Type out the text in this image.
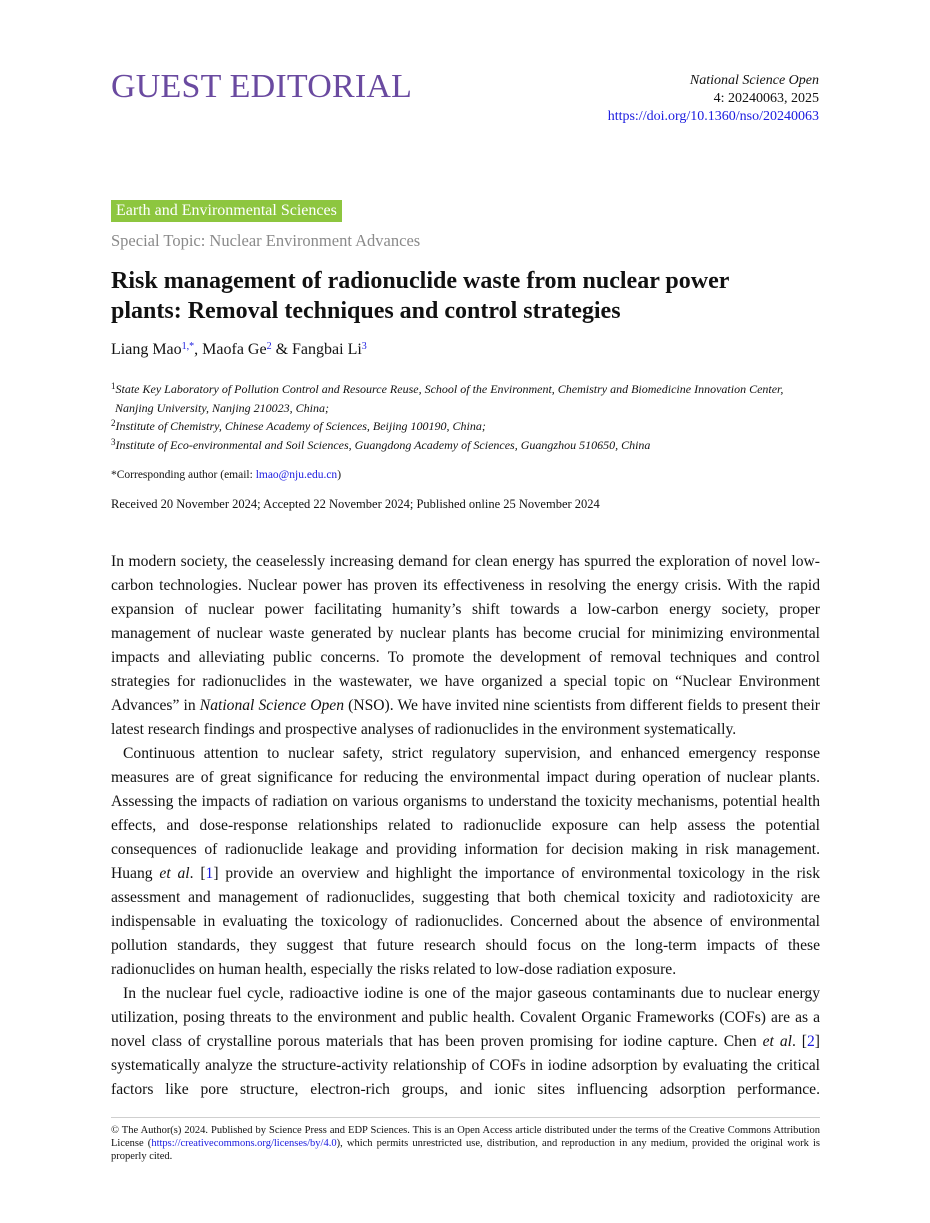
GUEST EDITORIAL	National Science Open
4: 20240063, 2025
https://doi.org/10.1360/nso/20240063
Earth and Environmental Sciences
Special Topic: Nuclear Environment Advances
Risk management of radionuclide waste from nuclear power
plants: Removal techniques and control strategies
Liang Mao$^{1,*}$, Maofa Ge$^2$ & Fangbai Li$^3$

$^1$State Key Laboratory of Pollution Control and Resource Reuse, School of the Environment, Chemistry and Biomedicine Innovation Center,

Nanjing University, Nanjing 210023, China;

$^2$Institute of Chemistry, Chinese Academy of Sciences, Beijing 100190, China;

$^3$Institute of Eco-environmental and Soil Sciences, Guangdong Academy of Sciences, Guangzhou 510650, China

*Corresponding author (email: lmao@nju.edu.cn)
Received 20 November 2024; Accepted 22 November 2024; Published online 25 November 2024

In modern society, the ceaselessly increasing demand for clean energy has spurred the exploration of novel low-carbon technologies. Nuclear power has proven its effectiveness in resolving the energy crisis. With the rapid expansion of nuclear power facilitating humanity’s shift towards a low-carbon energy society, proper management of nuclear waste generated by nuclear plants has become crucial for minimizing environmental impacts and alleviating public concerns. To promote the development of removal techniques and control strategies for radionuclides in the wastewater, we have organized a special topic on “Nuclear Environment Advances” in National Science Open (NSO). We have invited nine scientists from different fields to present their latest research findings and prospective analyses of radionuclides in the environment systematically.

Continuous attention to nuclear safety, strict regulatory supervision, and enhanced emergency response measures are of great significance for reducing the environmental impact during operation of nuclear plants. Assessing the impacts of radiation on various organisms to understand the toxicity mechanisms, potential health effects, and dose-response relationships related to radionuclide exposure can help assess the potential consequences of radionuclide leakage and providing information for decision making in risk management. Huang et al. [1] provide an overview and highlight the importance of environmental toxicology in the risk assessment and management of radionuclides, suggesting that both chemical toxicity and radiotoxicity are indispensable in evaluating the toxicology of radionuclides. Concerned about the absence of environmental pollution standards, they suggest that future research should focus on the long-term impacts of these radionuclides on human health, especially the risks related to low-dose radiation exposure.

In the nuclear fuel cycle, radioactive iodine is one of the major gaseous contaminants due to nuclear energy utilization, posing threats to the environment and public health. Covalent Organic Frameworks (COFs) are as a novel class of crystalline porous materials that has been proven promising for iodine capture. Chen et al. [2] systematically analyze the structure-activity relationship of COFs in iodine adsorption by evaluating the critical factors like pore structure, electron-rich groups, and ionic sites influencing adsorption performance.

© The Author(s) 2024. Published by Science Press and EDP Sciences. This is an Open Access article distributed under the terms of the Creative Commons Attribution License (https://creativecommons.org/licenses/by/4.0), which permits unrestricted use, distribution, and reproduction in any medium, provided the original work is properly cited.
